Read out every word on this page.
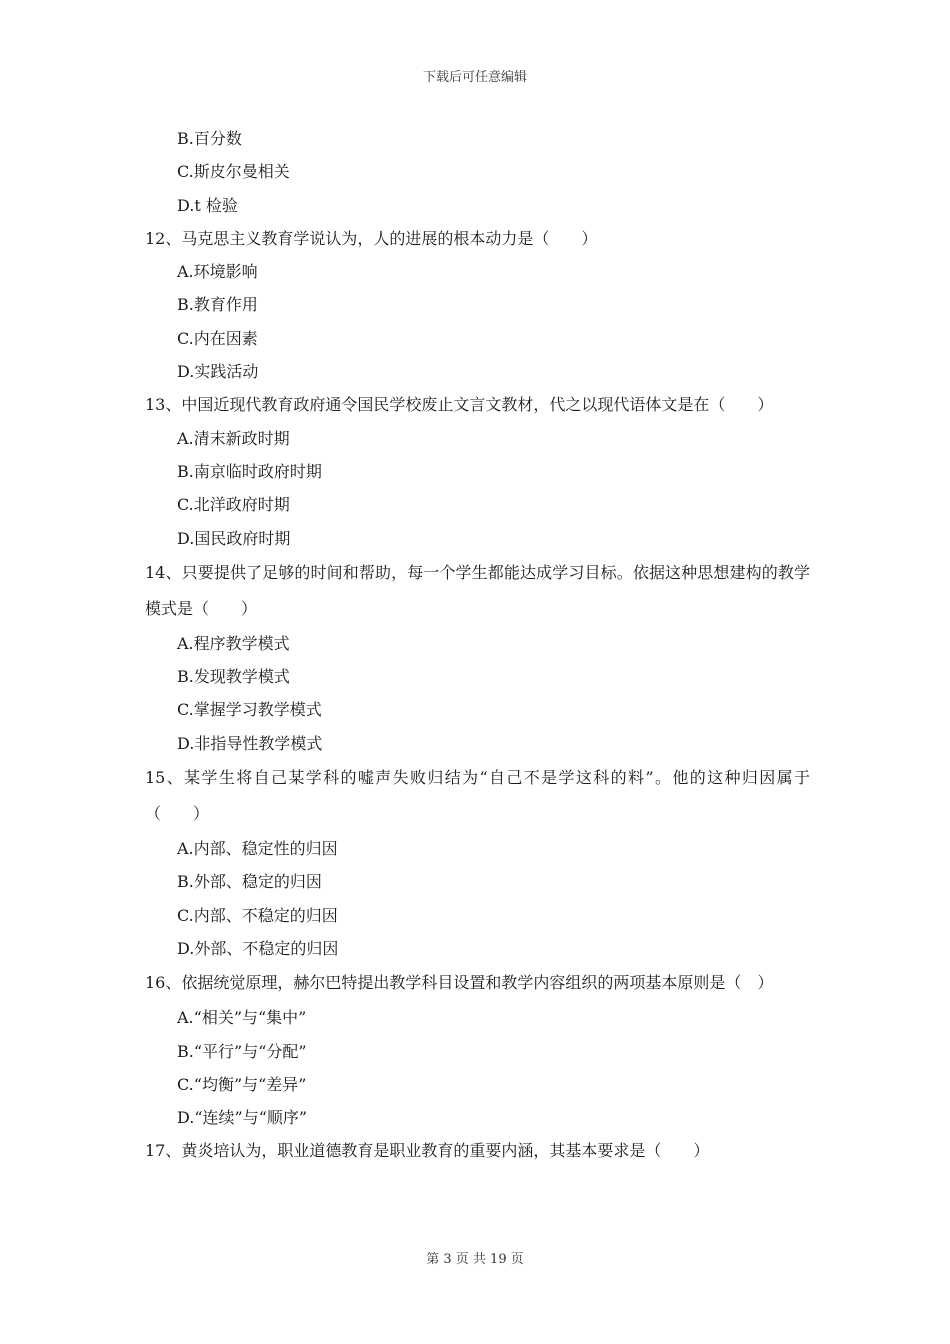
下载后可任意编辑
B.百分数
C.斯皮尔曼相关
D.t 检验
12、马克思主义教育学说认为，人的进展的根本动力是（　　）
A.环境影响
B.教育作用
C.内在因素
D.实践活动
13、中国近现代教育政府通令国民学校废止文言文教材，代之以现代语体文是在（　　）
A.清末新政时期
B.南京临时政府时期
C.北洋政府时期
D.国民政府时期
14、只要提供了足够的时间和帮助，每一个学生都能达成学习目标。依据这种思想建构的教学模式是（　　）
A.程序教学模式
B.发现教学模式
C.掌握学习教学模式
D.非指导性教学模式
15、某学生将自己某学科的嘘声失败归结为“自己不是学这科的料”。他的这种归因属于（　　）
A.内部、稳定性的归因
B.外部、稳定的归因
C.内部、不稳定的归因
D.外部、不稳定的归因
16、依据统觉原理，赫尔巴特提出教学科目设置和教学内容组织的两项基本原则是（　）
A.“相关”与“集中”
B.“平行”与“分配”
C.“均衡”与“差异”
D.“连续”与“顺序”
17、黄炎培认为，职业道德教育是职业教育的重要内涵，其基本要求是（　　）
第 3 页 共 19 页
